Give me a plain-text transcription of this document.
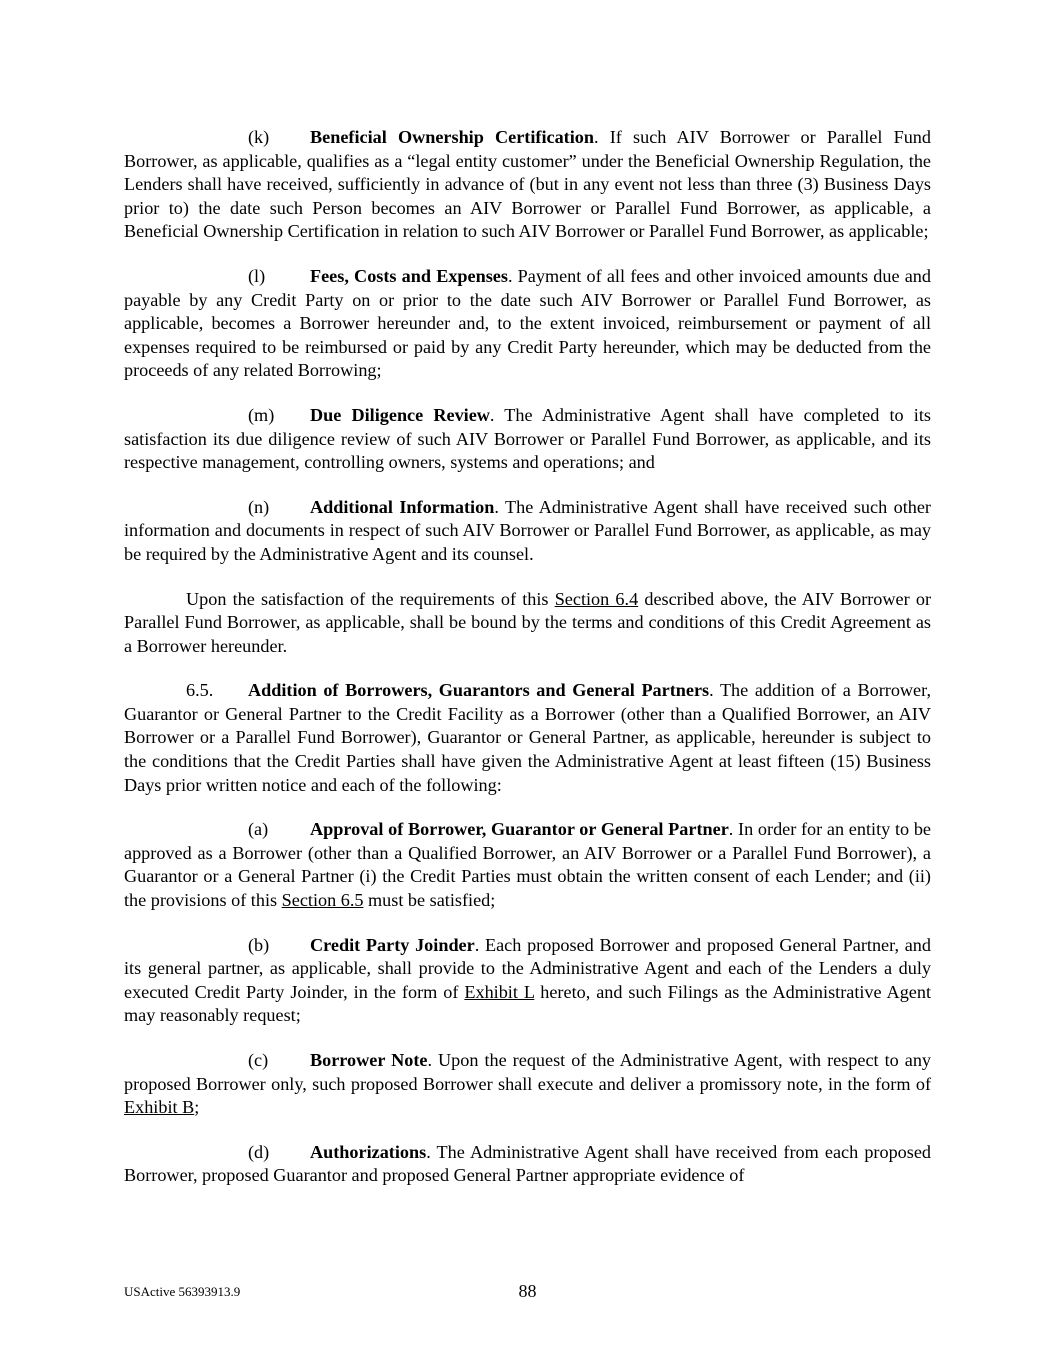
(k) Beneficial Ownership Certification. If such AIV Borrower or Parallel Fund Borrower, as applicable, qualifies as a “legal entity customer” under the Beneficial Ownership Regulation, the Lenders shall have received, sufficiently in advance of (but in any event not less than three (3) Business Days prior to) the date such Person becomes an AIV Borrower or Parallel Fund Borrower, as applicable, a Beneficial Ownership Certification in relation to such AIV Borrower or Parallel Fund Borrower, as applicable;

(l) Fees, Costs and Expenses. Payment of all fees and other invoiced amounts due and payable by any Credit Party on or prior to the date such AIV Borrower or Parallel Fund Borrower, as applicable, becomes a Borrower hereunder and, to the extent invoiced, reimbursement or payment of all expenses required to be reimbursed or paid by any Credit Party hereunder, which may be deducted from the proceeds of any related Borrowing;

(m) Due Diligence Review. The Administrative Agent shall have completed to its satisfaction its due diligence review of such AIV Borrower or Parallel Fund Borrower, as applicable, and its respective management, controlling owners, systems and operations; and

(n) Additional Information. The Administrative Agent shall have received such other information and documents in respect of such AIV Borrower or Parallel Fund Borrower, as applicable, as may be required by the Administrative Agent and its counsel.

Upon the satisfaction of the requirements of this Section 6.4 described above, the AIV Borrower or Parallel Fund Borrower, as applicable, shall be bound by the terms and conditions of this Credit Agreement as a Borrower hereunder.

6.5. Addition of Borrowers, Guarantors and General Partners. The addition of a Borrower, Guarantor or General Partner to the Credit Facility as a Borrower (other than a Qualified Borrower, an AIV Borrower or a Parallel Fund Borrower), Guarantor or General Partner, as applicable, hereunder is subject to the conditions that the Credit Parties shall have given the Administrative Agent at least fifteen (15) Business Days prior written notice and each of the following:

(a) Approval of Borrower, Guarantor or General Partner. In order for an entity to be approved as a Borrower (other than a Qualified Borrower, an AIV Borrower or a Parallel Fund Borrower), a Guarantor or a General Partner (i) the Credit Parties must obtain the written consent of each Lender; and (ii) the provisions of this Section 6.5 must be satisfied;

(b) Credit Party Joinder. Each proposed Borrower and proposed General Partner, and its general partner, as applicable, shall provide to the Administrative Agent and each of the Lenders a duly executed Credit Party Joinder, in the form of Exhibit L hereto, and such Filings as the Administrative Agent may reasonably request;

(c) Borrower Note. Upon the request of the Administrative Agent, with respect to any proposed Borrower only, such proposed Borrower shall execute and deliver a promissory note, in the form of Exhibit B;

(d) Authorizations. The Administrative Agent shall have received from each proposed Borrower, proposed Guarantor and proposed General Partner appropriate evidence of

USActive 56393913.9	88
